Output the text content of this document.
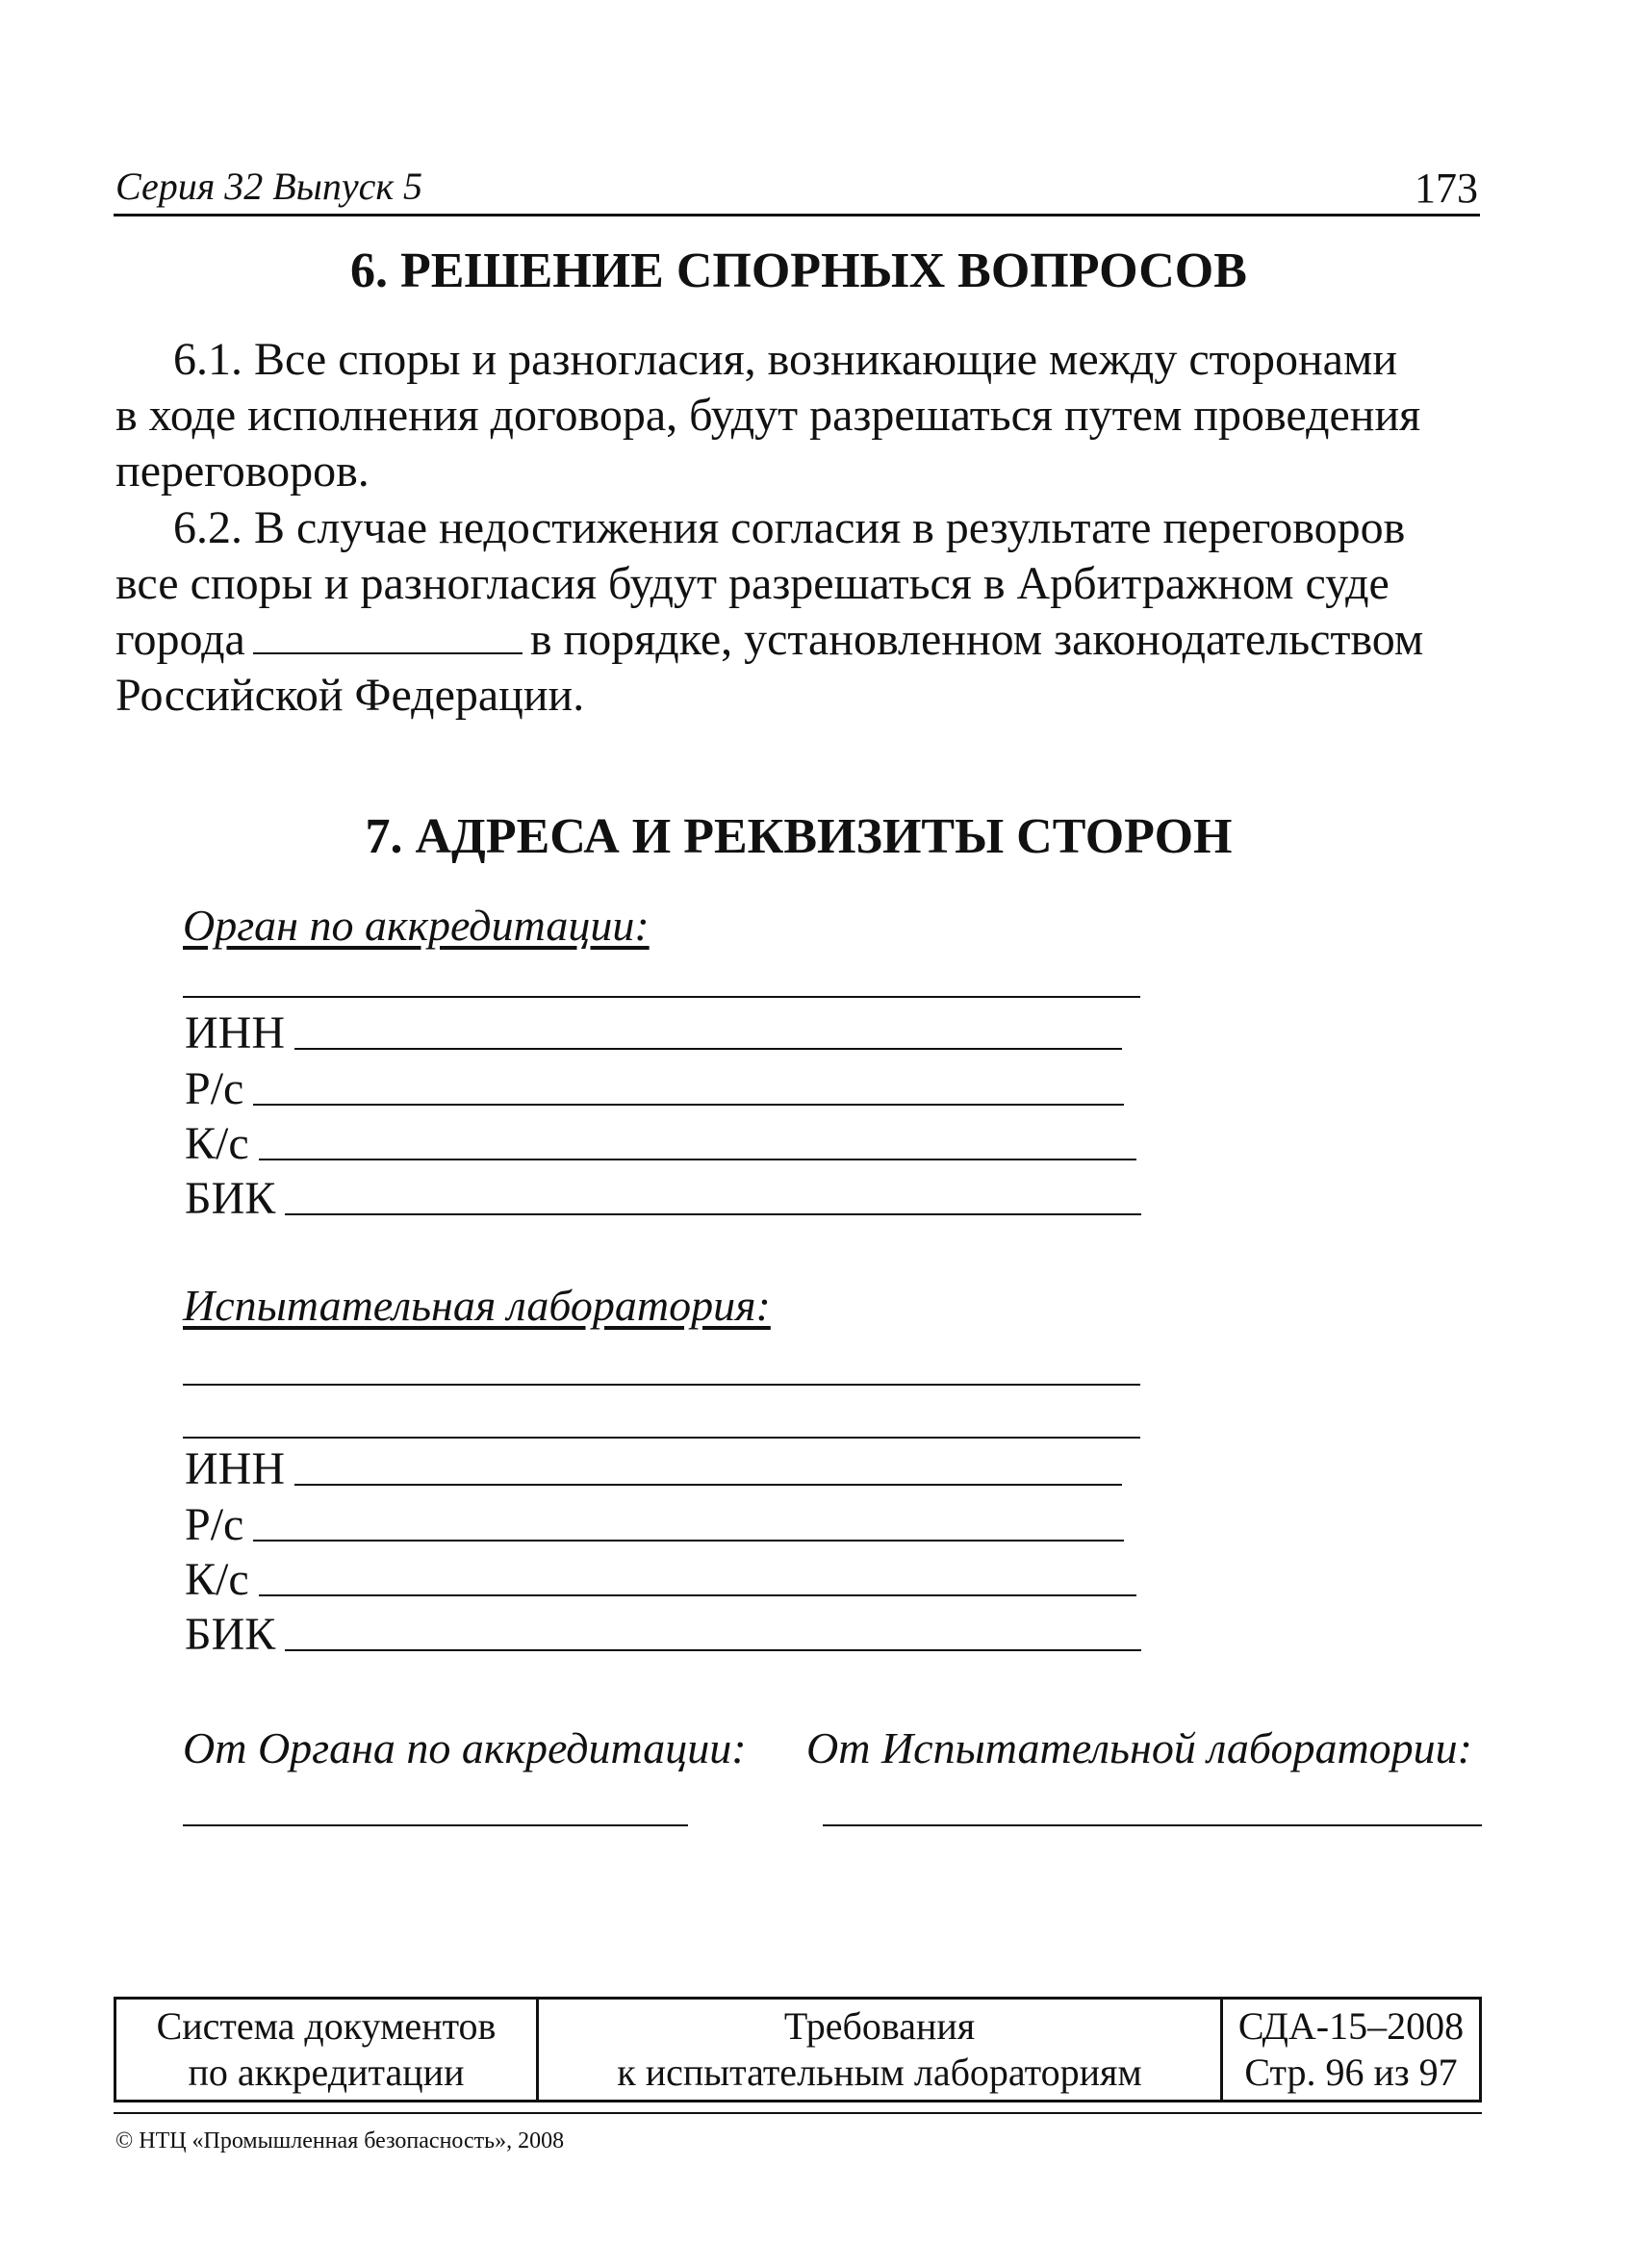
Серия 32 Выпуск 5	173
6. РЕШЕНИЕ СПОРНЫХ ВОПРОСОВ
6.1. Все споры и разногласия, возникающие между сторонами
в ходе исполнения договора, будут разрешаться путем проведения
переговоров.
6.2. В случае недостижения согласия в результате переговоров
все споры и разногласия будут разрешаться в Арбитражном суде
города	в порядке, установленном законодательством
Российской Федерации.
7. АДРЕСА И РЕКВИЗИТЫ СТОРОН
Орган по аккредитации:
ИНН
Р/с
К/с
БИК
Испытательная лаборатория:
ИНН
Р/с
К/с
БИК
От Органа по аккредитации: От Испытательной лаборатории:
Система документов
по аккредитации

Требования
к испытательным лабораториям

СДА-15–2008
Стр. 96 из 97
© НТЦ «Промышленная безопасность», 2008
